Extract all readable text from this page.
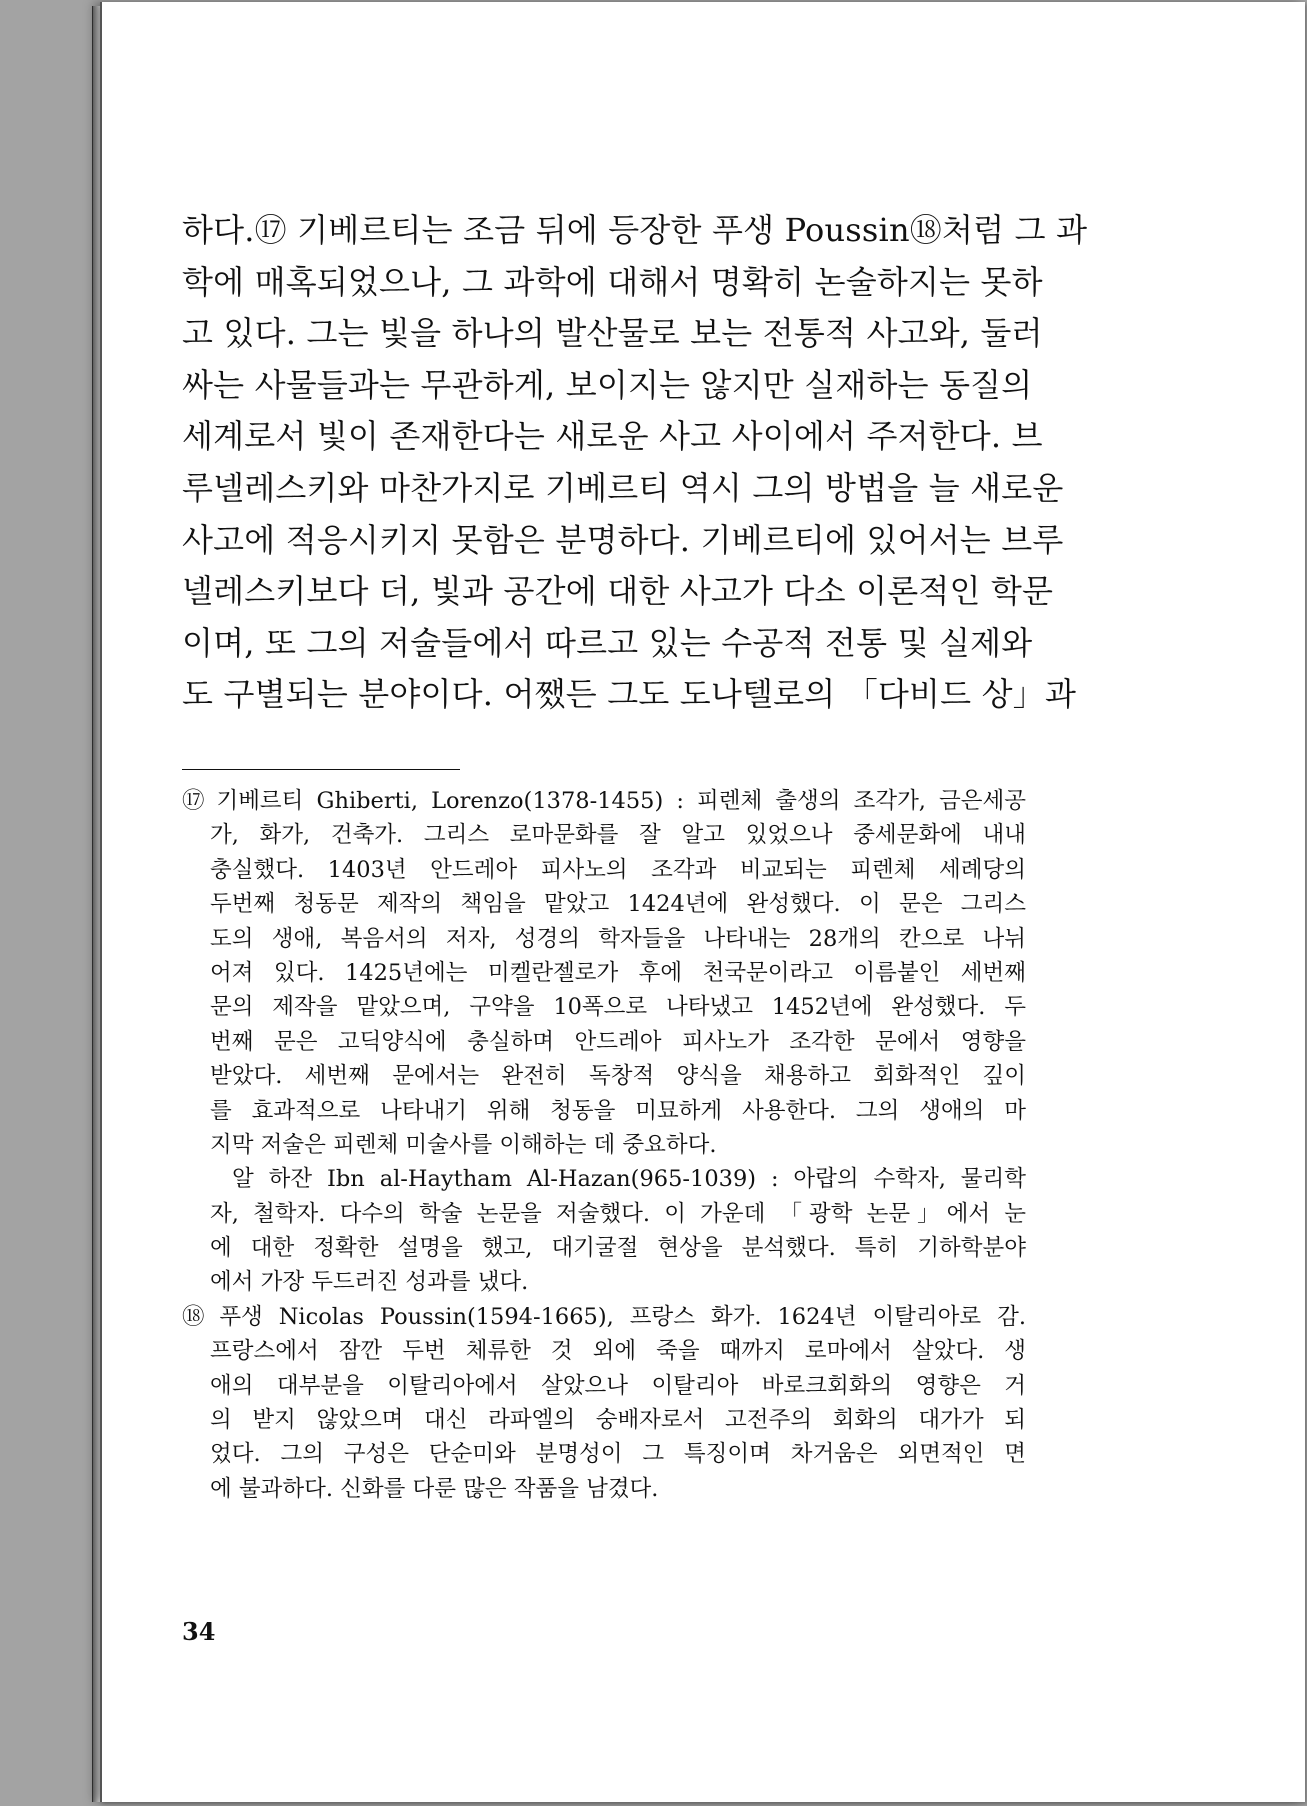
하다.⑰ 기베르티는 조금 뒤에 등장한 푸생 Poussin⑱처럼 그 과
학에 매혹되었으나, 그 과학에 대해서 명확히 논술하지는 못하
고 있다. 그는 빛을 하나의 발산물로 보는 전통적 사고와, 둘러
싸는 사물들과는 무관하게, 보이지는 않지만 실재하는 동질의
세계로서 빛이 존재한다는 새로운 사고 사이에서 주저한다. 브
루넬레스키와 마찬가지로 기베르티 역시 그의 방법을 늘 새로운
사고에 적응시키지 못함은 분명하다. 기베르티에 있어서는 브루
넬레스키보다 더, 빛과 공간에 대한 사고가 다소 이론적인 학문
이며, 또 그의 저술들에서 따르고 있는 수공적 전통 및 실제와
도 구별되는 분야이다. 어쨌든 그도 도나텔로의 「다비드 상」과
⑰ 기베르티 Ghiberti, Lorenzo(1378-1455) : 피렌체 출생의 조각가, 금은세공
가, 화가, 건축가. 그리스 로마문화를 잘 알고 있었으나 중세문화에 내내
충실했다. 1403년 안드레아 피사노의 조각과 비교되는 피렌체 세례당의
두번째 청동문 제작의 책임을 맡았고 1424년에 완성했다. 이 문은 그리스
도의 생애, 복음서의 저자, 성경의 학자들을 나타내는 28개의 칸으로 나뉘
어져 있다. 1425년에는 미켈란젤로가 후에 천국문이라고 이름붙인 세번째
문의 제작을 맡았으며, 구약을 10폭으로 나타냈고 1452년에 완성했다. 두
번째 문은 고딕양식에 충실하며 안드레아 피사노가 조각한 문에서 영향을
받았다. 세번째 문에서는 완전히 독창적 양식을 채용하고 회화적인 깊이
를 효과적으로 나타내기 위해 청동을 미묘하게 사용한다. 그의 생애의 마
지막 저술은 피렌체 미술사를 이해하는 데 중요하다.
알 하잔 Ibn al-Haytham Al-Hazan(965-1039) : 아랍의 수학자, 물리학
자, 철학자. 다수의 학술 논문을 저술했다. 이 가운데 「광학 논문」에서 눈
에 대한 정확한 설명을 했고, 대기굴절 현상을 분석했다. 특히 기하학분야
에서 가장 두드러진 성과를 냈다.
⑱ 푸생 Nicolas Poussin(1594-1665), 프랑스 화가. 1624년 이탈리아로 감.
프랑스에서 잠깐 두번 체류한 것 외에 죽을 때까지 로마에서 살았다. 생
애의 대부분을 이탈리아에서 살았으나 이탈리아 바로크회화의 영향은 거
의 받지 않았으며 대신 라파엘의 숭배자로서 고전주의 회화의 대가가 되
었다. 그의 구성은 단순미와 분명성이 그 특징이며 차거움은 외면적인 면
에 불과하다. 신화를 다룬 많은 작품을 남겼다.
34
